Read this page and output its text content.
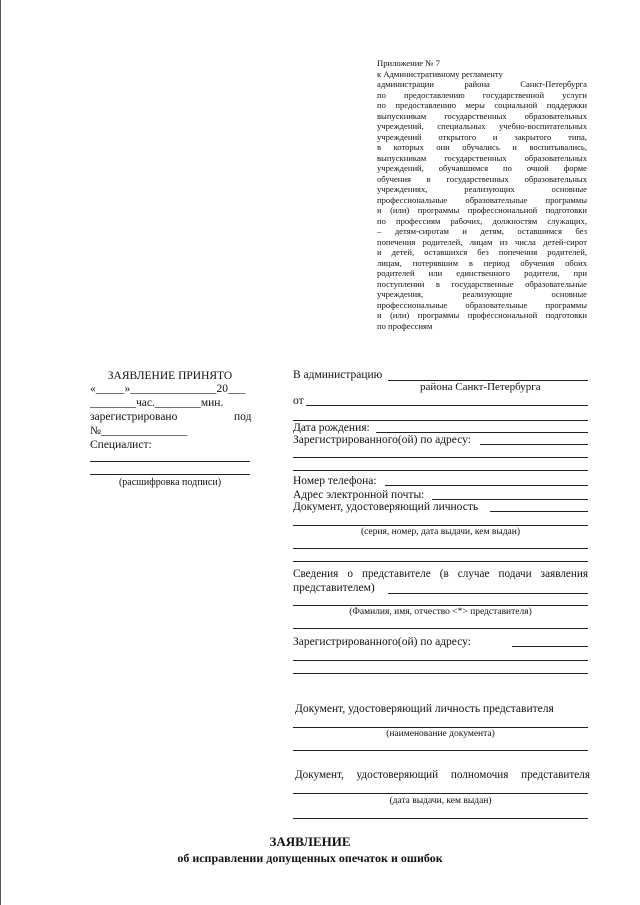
Приложение № 7
к Административному регламенту
администрации района Санкт-Петербурга
по предоставлению государственной услуги
по предоставлению меры социальной поддержки
выпускникам государственных образовательных
учреждений, специальных учебно-воспитательных
учреждений открытого и закрытого типа,
в которых они обучались и воспитывались,
выпускникам государственных образовательных
учреждений, обучавшимся по очной форме
обучения в государственных образовательных
учреждениях, реализующих основные
профессиональные образовательные программы
и (или) программы профессиональной подготовки
по профессиям рабочих, должностям служащих,
– детям-сиротам и детям, оставшимся без
попечения родителей, лицам из числа детей-сирот
и детей, оставшихся без попечения родителей,
лицам, потерявшим в период обучения обоих
родителей или единственного родителя, при
поступлении в государственные образовательные
учреждения, реализующие основные
профессиональные образовательные программы
и (или) программы профессиональной подготовки
по профессиям
ЗАЯВЛЕНИЕ ПРИНЯТО
«_____»_______________20___
________час.________мин.
зарегистрировано	под
№_______________
Специалист:
(расшифровка подписи)
В администрацию
района Санкт-Петербурга
от
Дата рождения:
Зарегистрированного(ой) по адресу:
Номер телефона:
Адрес электронной почты:
Документ, удостоверяющий личность
(серия, номер, дата выдачи, кем выдан)
Сведения о представителе (в случае подачи заявления
представителем)
(Фамилия, имя, отчество <*> представителя)
Зарегистрированного(ой) по адресу:
Документ, удостоверяющий личность представителя
(наименование документа)
Документ, удостоверяющий полномочия представителя
(дата выдачи, кем выдан)
ЗАЯВЛЕНИЕ
об исправлении допущенных опечаток и ошибок
